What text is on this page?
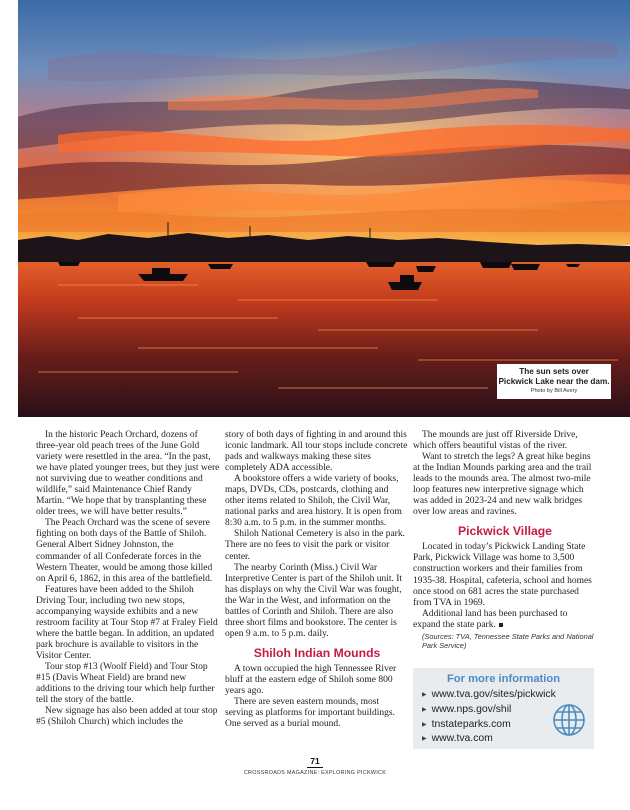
The sun sets over
Pickwick Lake near the dam.
Photo by Bill Avery

In the historic Peach Orchard, dozens of three-year old peach trees of the June Gold variety were resettled in the area. “In the past, we have plated younger trees, but they just were not surviving due to weather conditions and wildlife,” said Maintenance Chief Randy Martin. “We hope that by transplanting these older trees, we will have better results.”

The Peach Orchard was the scene of severe fighting on both days of the Battle of Shiloh. General Albert Sidney Johnston, the commander of all Confederate forces in the Western Theater, would be among those killed on April 6, 1862, in this area of the battlefield.

Features have been added to the Shiloh Driving Tour, including two new stops, accompanying wayside exhibits and a new restroom facility at Tour Stop #7 at Fraley Field where the battle began. In addition, an updated park brochure is available to visitors in the Visitor Center.

Tour stop #13 (Woolf Field) and Tour Stop #15 (Davis Wheat Field) are brand new additions to the driving tour which help further tell the story of the battle.

New signage has also been added at tour stop #5 (Shiloh Church) which includes the

story of both days of fighting in and around this iconic landmark. All tour stops include concrete pads and walkways making these sites completely ADA accessible.

A bookstore offers a wide variety of books, maps, DVDs, CDs, postcards, clothing and other items related to Shiloh, the Civil War, national parks and area history. It is open from 8:30 a.m. to 5 p.m. in the summer months.

Shiloh National Cemetery is also in the park. There are no fees to visit the park or visitor center.

The nearby Corinth (Miss.) Civil War Interpretive Center is part of the Shiloh unit. It has displays on why the Civil War was fought, the War in the West, and information on the battles of Corinth and Shiloh. There are also three short films and bookstore. The center is open 9 a.m. to 5 p.m. daily.

Shiloh Indian Mounds

A town occupied the high Tennessee River bluff at the eastern edge of Shiloh some 800 years ago.

There are seven eastern mounds, most serving as platforms for important buildings. One served as a burial mound.

The mounds are just off Riverside Drive, which offers beautiful vistas of the river.

Want to stretch the legs? A great hike begins at the Indian Mounds parking area and the trail leads to the mounds area. The almost two-mile loop features new interpretive signage which was added in 2023-24 and new walk bridges over low areas and ravines.

Pickwick Village

Located in today’s Pickwick Landing State Park, Pickwick Village was home to 3,500 construction workers and their families from 1935-38. Hospital, cafeteria, school and homes once stood on 681 acres the state purchased from TVA in 1969.

Additional land has been purchased to expand the state park.

(Sources: TVA, Tennessee State Parks and National Park Service)
For more information
▶ www.tva.gov/sites/pickwick
▶ www.nps.gov/shil
▶ tnstateparks.com
▶ www.tva.com
71
CROSSROADS MAGAZINE: EXPLORING PICKWICK
